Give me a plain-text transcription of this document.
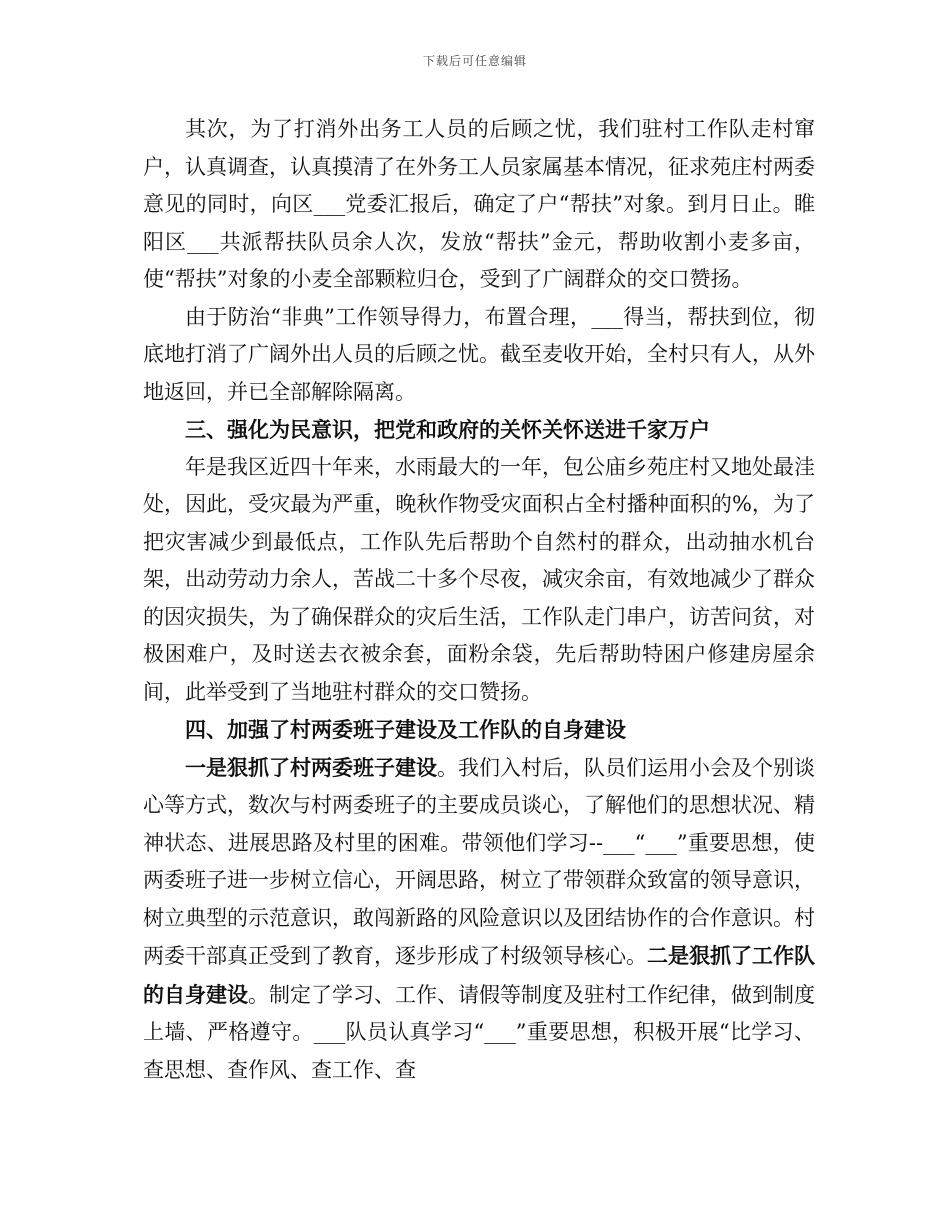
下载后可任意编辑

其次，为了打消外出务工人员的后顾之忧，我们驻村工作队走村窜户，认真调查，认真摸清了在外务工人员家属基本情况，征求苑庄村两委意见的同时，向区___党委汇报后，确定了户“帮扶”对象。到月日止。睢阳区___共派帮扶队员余人次，发放“帮扶”金元，帮助收割小麦多亩，使“帮扶”对象的小麦全部颗粒归仓，受到了广阔群众的交口赞扬。

由于防治“非典”工作领导得力，布置合理，___得当，帮扶到位，彻底地打消了广阔外出人员的后顾之忧。截至麦收开始，全村只有人，从外地返回，并已全部解除隔离。

三、强化为民意识，把党和政府的关怀关怀送进千家万户

年是我区近四十年来，水雨最大的一年，包公庙乡苑庄村又地处最洼处，因此，受灾最为严重，晚秋作物受灾面积占全村播种面积的%，为了把灾害减少到最低点，工作队先后帮助个自然村的群众，出动抽水机台架，出动劳动力余人，苦战二十多个尽夜，减灾余亩，有效地减少了群众的因灾损失，为了确保群众的灾后生活，工作队走门串户，访苦问贫，对极困难户，及时送去衣被余套，面粉余袋，先后帮助特困户修建房屋余间，此举受到了当地驻村群众的交口赞扬。

四、加强了村两委班子建设及工作队的自身建设

一是狠抓了村两委班子建设。我们入村后，队员们运用小会及个别谈心等方式，数次与村两委班子的主要成员谈心，了解他们的思想状况、精神状态、进展思路及村里的困难。带领他们学习--___“___”重要思想，使两委班子进一步树立信心，开阔思路，树立了带领群众致富的领导意识，树立典型的示范意识，敢闯新路的风险意识以及团结协作的合作意识。村两委干部真正受到了教育，逐步形成了村级领导核心。二是狠抓了工作队的自身建设。制定了学习、工作、请假等制度及驻村工作纪律，做到制度上墙、严格遵守。___队员认真学习“___”重要思想，积极开展“比学习、查思想、查作风、查工作、查
